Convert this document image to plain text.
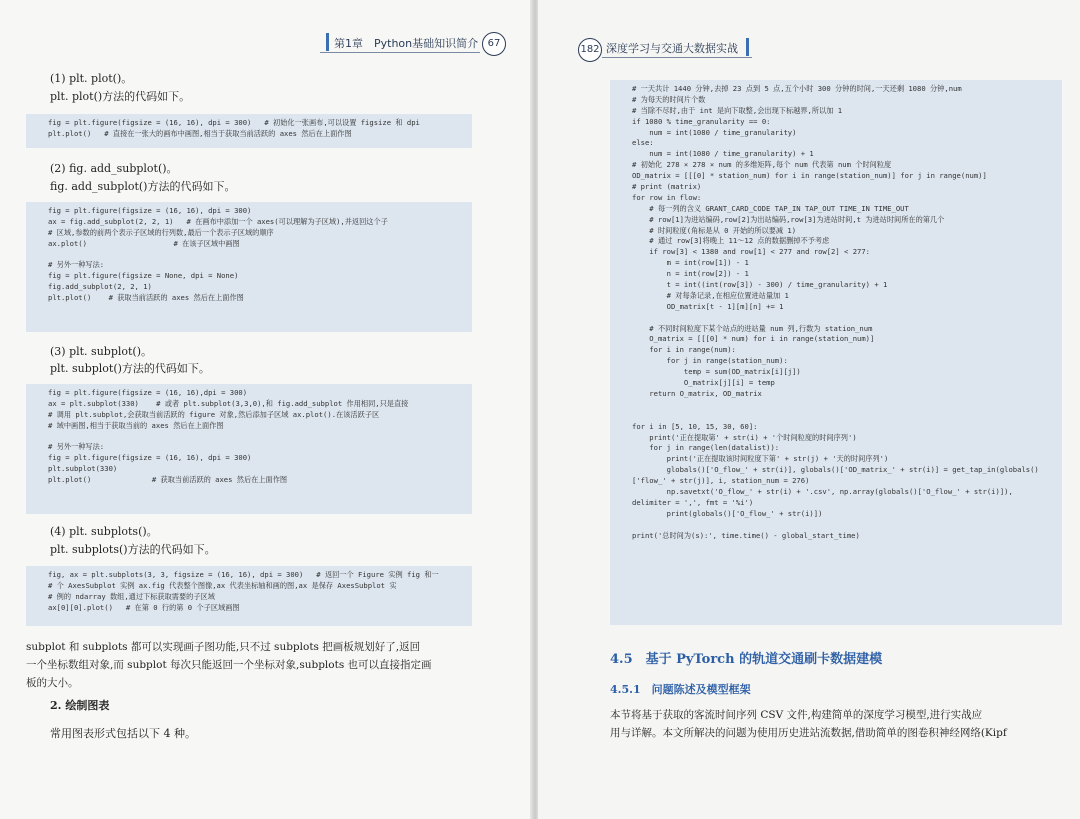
第1章　Python基础知识简介 67
(1) plt. plot()。
plt. plot()方法的代码如下。
fig = plt.figure(figsize = (16, 16), dpi = 300)   # 初始化一张画布,可以设置 figsize 和 dpi
plt.plot()   # 直接在一张大的画布中画图,相当于获取当前活跃的 axes 然后在上面作图
(2) fig. add_subplot()。
fig. add_subplot()方法的代码如下。
fig = plt.figure(figsize = (16, 16), dpi = 300)
ax = fig.add_subplot(2, 2, 1)   # 在画布中添加一个 axes(可以理解为子区域),并返回这个子
# 区域,参数的前两个表示子区域的行列数,最后一个表示子区域的顺序
ax.plot()                    # 在该子区域中画图
# 另外一种写法:
fig = plt.figure(figsize = None, dpi = None)
fig.add_subplot(2, 2, 1)
plt.plot()    # 获取当前活跃的 axes 然后在上面作图
(3) plt. subplot()。
plt. subplot()方法的代码如下。
fig = plt.figure(figsize = (16, 16),dpi = 300)
ax = plt.subplot(330)    # 或者 plt.subplot(3,3,0),和 fig.add_subplot 作用相同,只是直接
# 调用 plt.subplot,会获取当前活跃的 figure 对象,然后添加子区域 ax.plot().在该活跃子区
# 域中画图,相当于获取当前的 axes 然后在上面作图
# 另外一种写法:
fig = plt.figure(figsize = (16, 16), dpi = 300)
plt.subplot(330)
plt.plot()              # 获取当前活跃的 axes 然后在上面作图
(4) plt. subplots()。
plt. subplots()方法的代码如下。
fig, ax = plt.subplots(3, 3, figsize = (16, 16), dpi = 300)   # 返回一个 Figure 实例 fig 和一
# 个 AxesSubplot 实例 ax.fig 代表整个图像,ax 代表坐标轴和画的图,ax 是保存 AxesSubplot 实
# 例的 ndarray 数组,通过下标获取需要的子区域
ax[0][0].plot()   # 在第 0 行的第 0 个子区域画图
subplot 和 subplots 都可以实现画子图功能,只不过 subplots 把画板规划好了,返回
一个坐标数组对象,而 subplot 每次只能返回一个坐标对象,subplots 也可以直接指定画
板的大小。
2. 绘制图表
常用图表形式包括以下 4 种。
182 深度学习与交通大数据实战
# 一天共计 1440 分钟,去掉 23 点到 5 点,五个小时 300 分钟的时间,一天还剩 1080 分钟,num
# 为每天的时间片个数
# 当除不尽时,由于 int 是向下取整,会出现下标越界,所以加 1
if 1080 % time_granularity == 0:
num = int(1080 / time_granularity)
else:
num = int(1080 / time_granularity) + 1
# 初始化 278 × 278 × num 的多维矩阵,每个 num 代表第 num 个时间粒度
OD_matrix = [[[0] * station_num) for i in range(station_num)] for j in range(num)]
# print (matrix)
for row in flow:
# 每一列的含义 GRANT_CARD_CODE TAP_IN TAP_OUT TIME_IN TIME_OUT
# row[1]为进站编码,row[2]为出站编码,row[3]为进站时间,t 为进站时间所在的第几个
# 时间粒度(角标是从 0 开始的所以要减 1)
# 通过 row[3]将晚上 11～12 点的数据删掉不予考虑
if row[3] < 1380 and row[1] < 277 and row[2] < 277:
m = int(row[1]) - 1
n = int(row[2]) - 1
t = int((int(row[3]) - 300) / time_granularity) + 1
# 对每条记录,在相应位置进站量加 1
OD_matrix[t - 1][m][n] += 1
# 不同时间粒度下某个站点的进站量 num 列,行数为 station_num
O_matrix = [[[0] * num) for i in range(station_num)]
for i in range(num):
for j in range(station_num):
temp = sum(OD_matrix[i][j])
O_matrix[j][i] = temp
return O_matrix, OD_matrix
for i in [5, 10, 15, 30, 60]:
print('正在提取第' + str(i) + '个时间粒度的时间序列')
for j in range(len(datalist)):
print('正在提取该时间粒度下第' + str(j) + '天的时间序列')
globals()['O_flow_' + str(i)], globals()['OD_matrix_' + str(i)] = get_tap_in(globals()
['flow_' + str(j)], i, station_num = 276)
np.savetxt('O_flow_' + str(i) + '.csv', np.array(globals()['O_flow_' + str(i)]),
delimiter = ',', fmt = '%i')
print(globals()['O_flow_' + str(i)])
print('总时间为(s):', time.time() - global_start_time)
4.5　基于 PyTorch 的轨道交通刷卡数据建模
4.5.1　问题陈述及模型框架
本节将基于获取的客流时间序列 CSV 文件,构建简单的深度学习模型,进行实战应
用与详解。本文所解决的问题为使用历史进站流数据,借助简单的图卷积神经网络(Kipf
